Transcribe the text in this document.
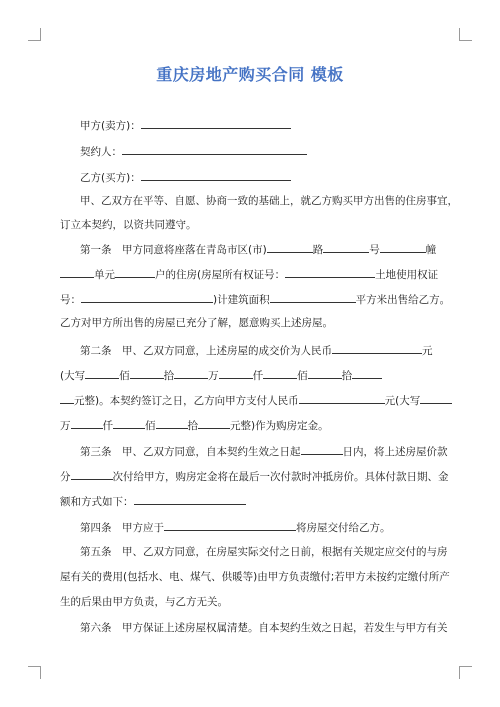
重庆房地产购买合同 模板
甲方(卖方)：
契约人：
乙方(买方)：
甲、乙双方在平等、自愿、协商一致的基础上，就乙方购买甲方出售的住房事宜，
订立本契约，以资共同遵守。
第一条　甲方同意将座落在青岛市区(市)	路	号	幢
单元	户的住房(房屋所有权证号：	土地使用权证
号：	)计建筑面积	平方米出售给乙方。
乙方对甲方所出售的房屋已充分了解，愿意购买上述房屋。
第二条　甲、乙双方同意，上述房屋的成交价为人民币	元
(大写	佰	拾	万	仟	佰	拾
元整)。本契约签订之日，乙方向甲方支付人民币	元(大写
万	仟	佰	拾	元整)作为购房定金。
第三条　甲、乙双方同意，自本契约生效之日起	日内，将上述房屋价款
分	次付给甲方，购房定金将在最后一次付款时冲抵房价。具体付款日期、金
额和方式如下：
第四条　甲方应于	将房屋交付给乙方。
第五条　甲、乙双方同意，在房屋实际交付之日前，根据有关规定应交付的与房
屋有关的费用(包括水、电、煤气、供暖等)由甲方负责缴付;若甲方未按约定缴付所产
生的后果由甲方负责，与乙方无关。
第六条　甲方保证上述房屋权属清楚。自本契约生效之日起，若发生与甲方有关
